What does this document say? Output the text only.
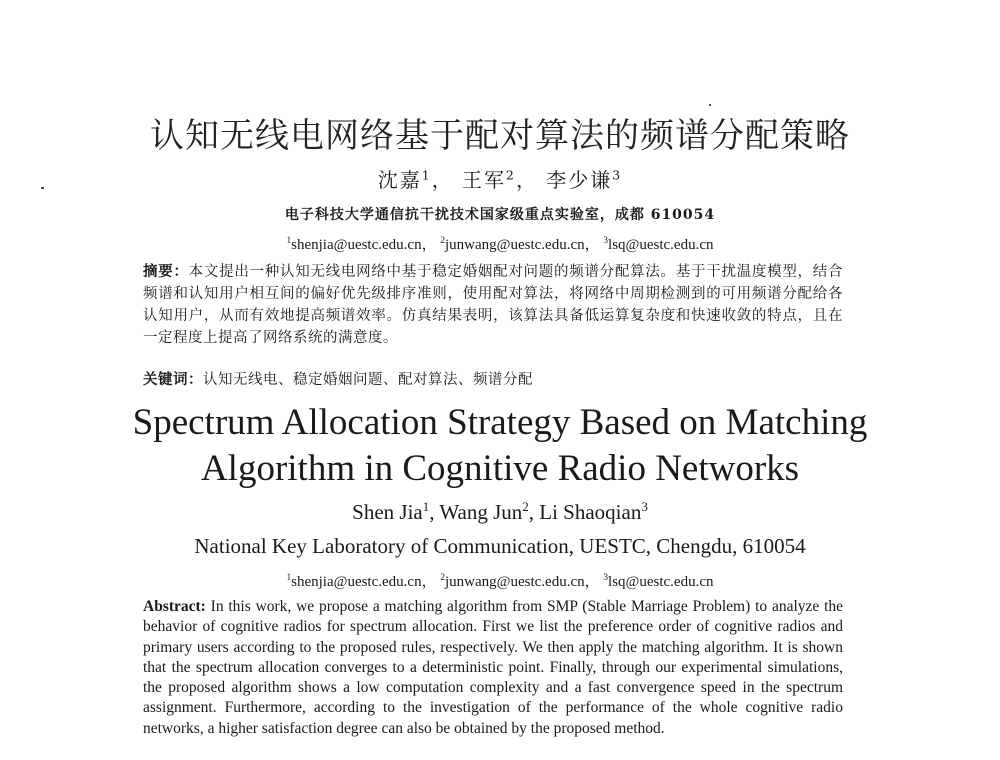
认知无线电网络基于配对算法的频谱分配策略
沈嘉$^1$， 王军$^2$， 李少谦$^3$
电子科技大学通信抗干扰技术国家级重点实验室，成都 610054
$^1$shenjia@uestc.edu.cn， $^2$junwang@uestc.edu.cn， $^3$lsq@uestc.edu.cn
摘要：本文提出一种认知无线电网络中基于稳定婚姻配对问题的频谱分配算法。基于干扰温度模型，结合频谱和认知用户相互间的偏好优先级排序准则，使用配对算法，将网络中周期检测到的可用频谱分配给各认知用户，从而有效地提高频谱效率。仿真结果表明，该算法具备低运算复杂度和快速收敛的特点，且在一定程度上提高了网络系统的满意度。
关键词：认知无线电、稳定婚姻问题、配对算法、频谱分配
Spectrum Allocation Strategy Based on Matching
Algorithm in Cognitive Radio Networks
Shen Jia$^1$, Wang Jun$^2$, Li Shaoqian$^3$
National Key Laboratory of Communication, UESTC, Chengdu, 610054
$^1$shenjia@uestc.edu.cn， $^2$junwang@uestc.edu.cn， $^3$lsq@uestc.edu.cn
Abstract: In this work, we propose a matching algorithm from SMP (Stable Marriage Problem) to analyze the behavior of cognitive radios for spectrum allocation. First we list the preference order of cognitive radios and primary users according to the proposed rules, respectively. We then apply the matching algorithm. It is shown that the spectrum allocation converges to a deterministic point. Finally, through our experimental simulations, the proposed algorithm shows a low computation complexity and a fast convergence speed in the spectrum assignment. Furthermore, according to the investigation of the performance of the whole cognitive radio networks, a higher satisfaction degree can also be obtained by the proposed method.
